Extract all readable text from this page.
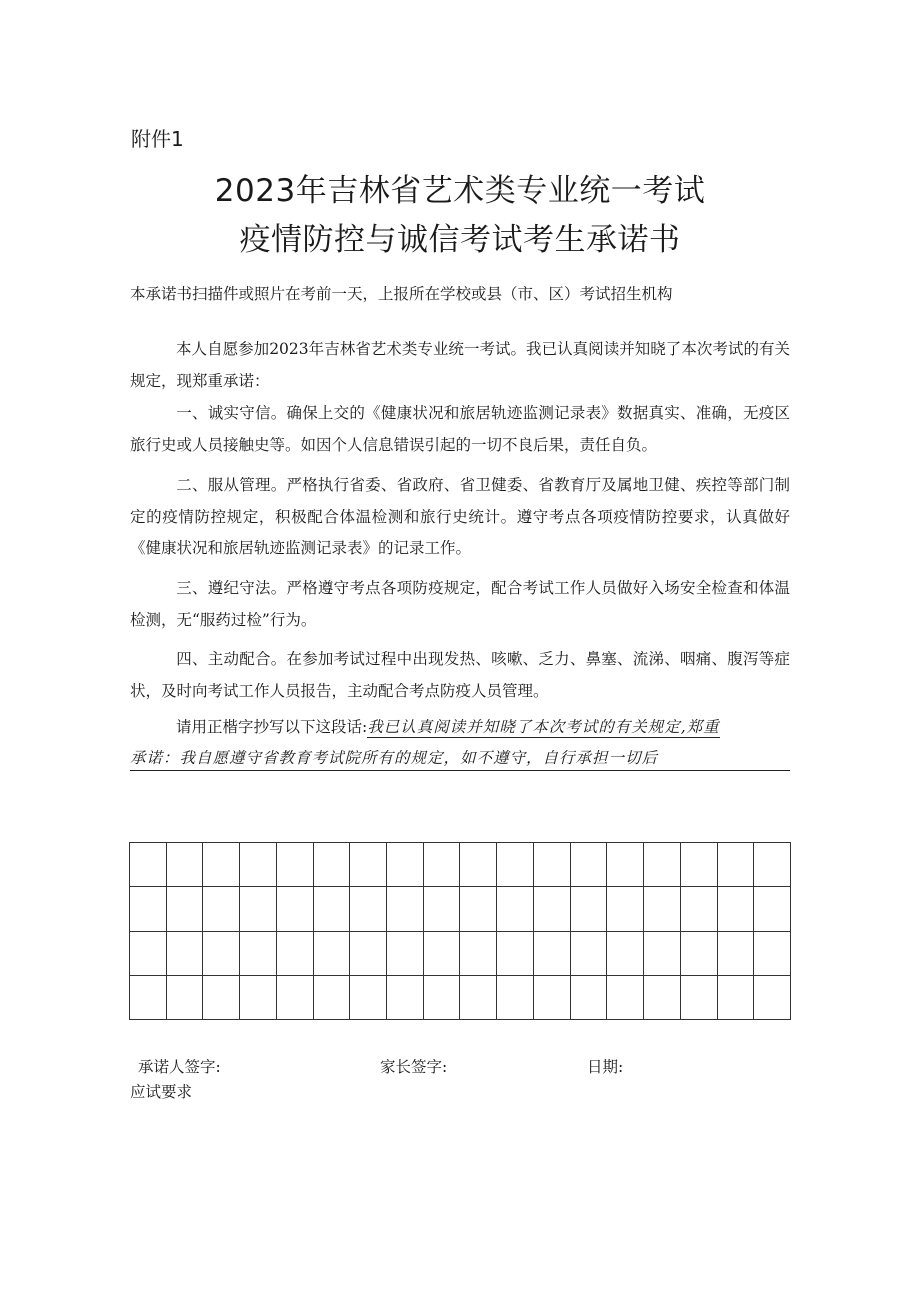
附件1
2023年吉林省艺术类专业统一考试
疫情防控与诚信考试考生承诺书
本承诺书扫描件或照片在考前一天，上报所在学校或县（市、区）考试招生机构
本人自愿参加2023年吉林省艺术类专业统一考试。我已认真阅读并知晓了本次考试的有关规定，现郑重承诺：
一、诚实守信。确保上交的《健康状况和旅居轨迹监测记录表》数据真实、准确，无疫区旅行史或人员接触史等。如因个人信息错误引起的一切不良后果，责任自负。
二、服从管理。严格执行省委、省政府、省卫健委、省教育厅及属地卫健、疾控等部门制定的疫情防控规定，积极配合体温检测和旅行史统计。遵守考点各项疫情防控要求，认真做好《健康状况和旅居轨迹监测记录表》的记录工作。
三、遵纪守法。严格遵守考点各项防疫规定，配合考试工作人员做好入场安全检查和体温检测，无“服药过检”行为。
四、主动配合。在参加考试过程中出现发热、咳嗽、乏力、鼻塞、流涕、咽痛、腹泻等症状，及时向考试工作人员报告，主动配合考点防疫人员管理。
请用正楷字抄写以下这段话:我已认真阅读并知晓了本次考试的有关规定,郑重
承诺：我自愿遵守省教育考试院所有的规定，如不遵守，自行承担一切后
承诺人签字:	家长签字:	日期:
应试要求
